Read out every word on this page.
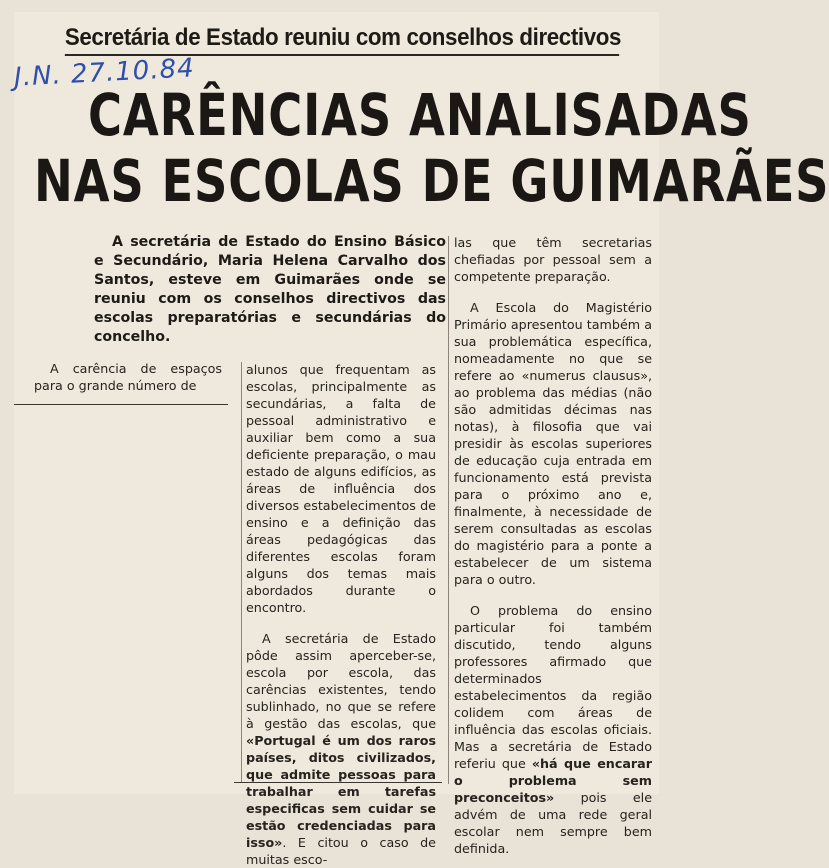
Secretária de Estado reuniu com conselhos directivos
J.N. 27.10.84
CARÊNCIAS ANALISADAS
NAS ESCOLAS DE GUIMARÃES
A secretária de Estado do Ensino Básico e Secundário, Maria Helena Carvalho dos Santos, esteve em Guimarães onde se reuniu com os conselhos directivos das escolas preparatórias e secundárias do concelho.

A carência de espaços para o grande número de

alunos que frequentam as escolas, principalmente as secundárias, a falta de pessoal administrativo e auxiliar bem como a sua deficiente preparação, o mau estado de alguns edifícios, as áreas de influência dos diversos estabelecimentos de ensino e a definição das áreas pedagógicas das diferentes escolas foram alguns dos temas mais abordados durante o encontro.

A secretária de Estado pôde assim aperceber-se, escola por escola, das carências existentes, tendo sublinhado, no que se refere à gestão das escolas, que «Portugal é um dos raros países, ditos civilizados, que admite pessoas para trabalhar em tarefas especificas sem cuidar se estão credenciadas para isso». E citou o caso de muitas esco-

las que têm secretarias chefiadas por pessoal sem a competente preparação.

A Escola do Magistério Primário apresentou também a sua problemática específica, nomeadamente no que se refere ao «numerus clausus», ao problema das médias (não são admitidas décimas nas notas), à filosofia que vai presidir às escolas superiores de educação cuja entrada em funcionamento está prevista para o próximo ano e, finalmente, à necessidade de serem consultadas as escolas do magistério para a ponte a estabelecer de um sistema para o outro.

O problema do ensino particular foi também discutido, tendo alguns professores afirmado que determinados estabelecimentos da região colidem com áreas de influência das escolas oficiais. Mas a secretária de Estado referiu que «há que encarar o problema sem preconceitos» pois ele advém de uma rede geral escolar nem sempre bem definida.
